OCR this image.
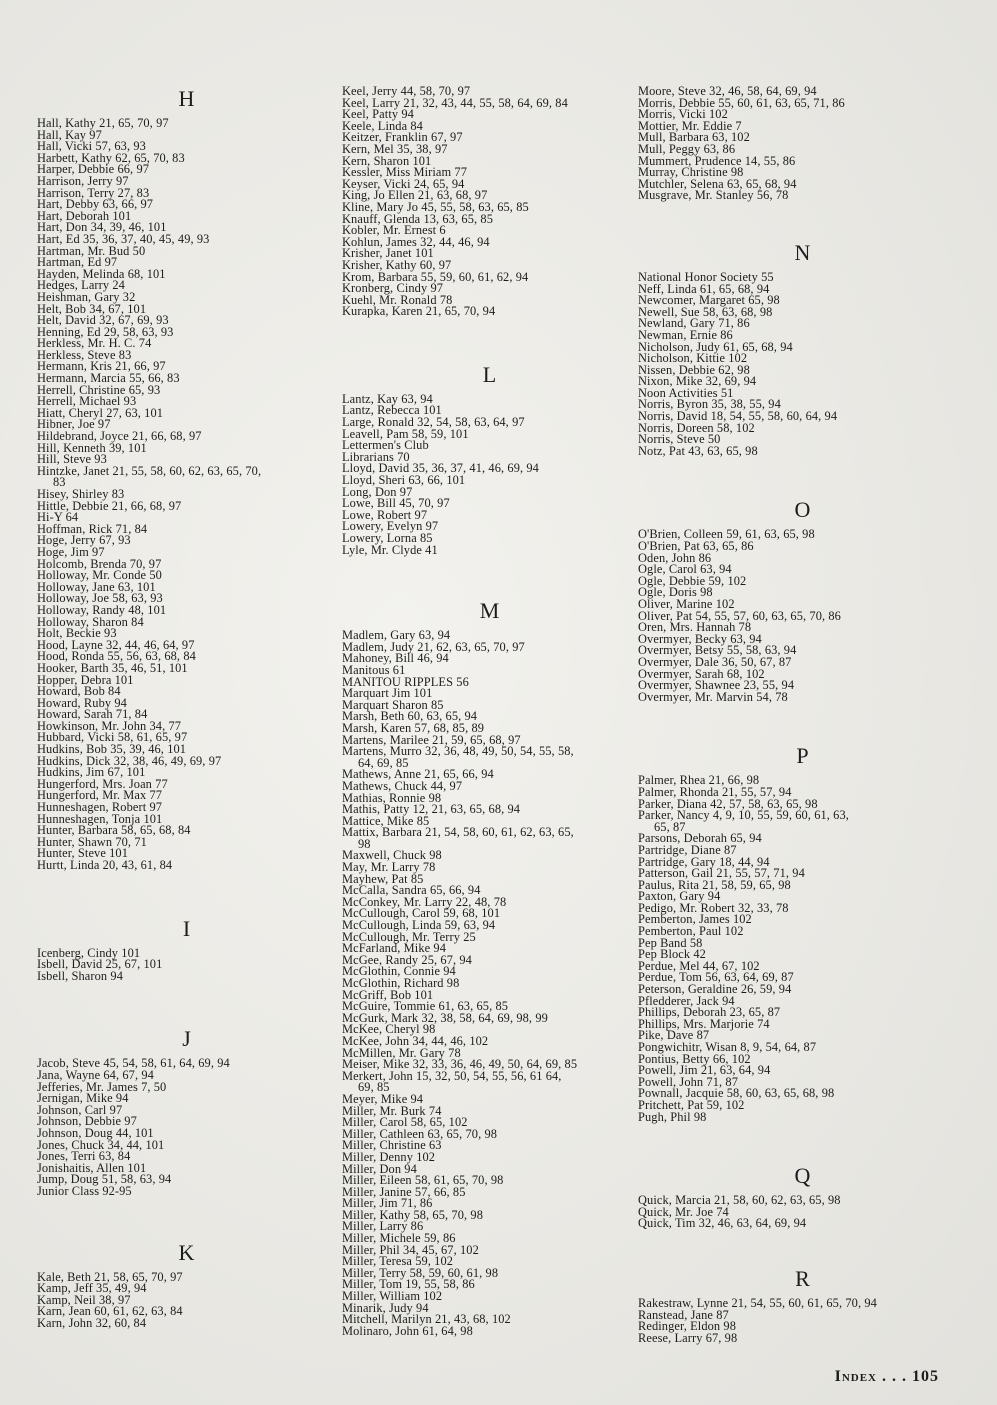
H
Hall, Kathy 21, 65, 70, 97
Hall, Kay 97
Hall, Vicki 57, 63, 93
Harbett, Kathy 62, 65, 70, 83
Harper, Debbie 66, 97
Harrison, Jerry 97
Harrison, Terry 27, 83
Hart, Debby 63, 66, 97
Hart, Deborah 101
Hart, Don 34, 39, 46, 101
Hart, Ed 35, 36, 37, 40, 45, 49, 93
Hartman, Mr. Bud 50
Hartman, Ed 97
Hayden, Melinda 68, 101
Hedges, Larry 24
Heishman, Gary 32
Helt, Bob 34, 67, 101
Helt, David 32, 67, 69, 93
Henning, Ed 29, 58, 63, 93
Herkless, Mr. H. C. 74
Herkless, Steve 83
Hermann, Kris 21, 66, 97
Hermann, Marcia 55, 66, 83
Herrell, Christine 65, 93
Herrell, Michael 93
Hiatt, Cheryl 27, 63, 101
Hibner, Joe 97
Hildebrand, Joyce 21, 66, 68, 97
Hill, Kenneth 39, 101
Hill, Steve 93
Hintzke, Janet 21, 55, 58, 60, 62, 63, 65, 70,
83
Hisey, Shirley 83
Hittle, Debbie 21, 66, 68, 97
Hi-Y 64
Hoffman, Rick 71, 84
Hoge, Jerry 67, 93
Hoge, Jim 97
Holcomb, Brenda 70, 97
Holloway, Mr. Conde 50
Holloway, Jane 63, 101
Holloway, Joe 58, 63, 93
Holloway, Randy 48, 101
Holloway, Sharon 84
Holt, Beckie 93
Hood, Layne 32, 44, 46, 64, 97
Hood, Ronda 55, 56, 63, 68, 84
Hooker, Barth 35, 46, 51, 101
Hopper, Debra 101
Howard, Bob 84
Howard, Ruby 94
Howard, Sarah 71, 84
Howkinson, Mr. John 34, 77
Hubbard, Vicki 58, 61, 65, 97
Hudkins, Bob 35, 39, 46, 101
Hudkins, Dick 32, 38, 46, 49, 69, 97
Hudkins, Jim 67, 101
Hungerford, Mrs. Joan 77
Hungerford, Mr. Max 77
Hunneshagen, Robert 97
Hunneshagen, Tonja 101
Hunter, Barbara 58, 65, 68, 84
Hunter, Shawn 70, 71
Hunter, Steve 101
Hurtt, Linda 20, 43, 61, 84
I
Icenberg, Cindy 101
Isbell, David 25, 67, 101
Isbell, Sharon 94
J
Jacob, Steve 45, 54, 58, 61, 64, 69, 94
Jana, Wayne 64, 67, 94
Jefferies, Mr. James 7, 50
Jernigan, Mike 94
Johnson, Carl 97
Johnson, Debbie 97
Johnson, Doug 44, 101
Jones, Chuck 34, 44, 101
Jones, Terri 63, 84
Jonishaitis, Allen 101
Jump, Doug 51, 58, 63, 94
Junior Class 92-95
K
Kale, Beth 21, 58, 65, 70, 97
Kamp, Jeff 35, 49, 94
Kamp, Neil 38, 97
Karn, Jean 60, 61, 62, 63, 84
Karn, John 32, 60, 84
Keel, Jerry 44, 58, 70, 97
Keel, Larry 21, 32, 43, 44, 55, 58, 64, 69, 84
Keel, Patty 94
Keele, Linda 84
Keitzer, Franklin 67, 97
Kern, Mel 35, 38, 97
Kern, Sharon 101
Kessler, Miss Miriam 77
Keyser, Vicki 24, 65, 94
King, Jo Ellen 21, 63, 68, 97
Kline, Mary Jo 45, 55, 58, 63, 65, 85
Knauff, Glenda 13, 63, 65, 85
Kobler, Mr. Ernest 6
Kohlun, James 32, 44, 46, 94
Krisher, Janet 101
Krisher, Kathy 60, 97
Krom, Barbara 55, 59, 60, 61, 62, 94
Kronberg, Cindy 97
Kuehl, Mr. Ronald 78
Kurapka, Karen 21, 65, 70, 94
L
Lantz, Kay 63, 94
Lantz, Rebecca 101
Large, Ronald 32, 54, 58, 63, 64, 97
Leavell, Pam 58, 59, 101
Lettermen's Club
Librarians 70
Lloyd, David 35, 36, 37, 41, 46, 69, 94
Lloyd, Sheri 63, 66, 101
Long, Don 97
Lowe, Bill 45, 70, 97
Lowe, Robert 97
Lowery, Evelyn 97
Lowery, Lorna 85
Lyle, Mr. Clyde 41
M
Madlem, Gary 63, 94
Madlem, Judy 21, 62, 63, 65, 70, 97
Mahoney, Bill 46, 94
Manitous 61
MANITOU RIPPLES 56
Marquart Jim 101
Marquart Sharon 85
Marsh, Beth 60, 63, 65, 94
Marsh, Karen 57, 68, 85, 89
Martens, Marilee 21, 59, 65, 68, 97
Martens, Murro 32, 36, 48, 49, 50, 54, 55, 58,
64, 69, 85
Mathews, Anne 21, 65, 66, 94
Mathews, Chuck 44, 97
Mathias, Ronnie 98
Mathis, Patty 12, 21, 63, 65, 68, 94
Mattice, Mike 85
Mattix, Barbara 21, 54, 58, 60, 61, 62, 63, 65,
98
Maxwell, Chuck 98
May, Mr. Larry 78
Mayhew, Pat 85
McCalla, Sandra 65, 66, 94
McConkey, Mr. Larry 22, 48, 78
McCullough, Carol 59, 68, 101
McCullough, Linda 59, 63, 94
McCullough, Mr. Terry 25
McFarland, Mike 94
McGee, Randy 25, 67, 94
McGlothin, Connie 94
McGlothin, Richard 98
McGriff, Bob 101
McGuire, Tommie 61, 63, 65, 85
McGurk, Mark 32, 38, 58, 64, 69, 98, 99
McKee, Cheryl 98
McKee, John 34, 44, 46, 102
McMillen, Mr. Gary 78
Meiser, Mike 32, 33, 36, 46, 49, 50, 64, 69, 85
Merkert, John 15, 32, 50, 54, 55, 56, 61 64,
69, 85
Meyer, Mike 94
Miller, Mr. Burk 74
Miller, Carol 58, 65, 102
Miller, Cathleen 63, 65, 70, 98
Miller, Christine 63
Miller, Denny 102
Miller, Don 94
Miller, Eileen 58, 61, 65, 70, 98
Miller, Janine 57, 66, 85
Miller, Jim 71, 86
Miller, Kathy 58, 65, 70, 98
Miller, Larry 86
Miller, Michele 59, 86
Miller, Phil 34, 45, 67, 102
Miller, Teresa 59, 102
Miller, Terry 58, 59, 60, 61, 98
Miller, Tom 19, 55, 58, 86
Miller, William 102
Minarik, Judy 94
Mitchell, Marilyn 21, 43, 68, 102
Molinaro, John 61, 64, 98
Moore, Steve 32, 46, 58, 64, 69, 94
Morris, Debbie 55, 60, 61, 63, 65, 71, 86
Morris, Vicki 102
Mottier, Mr. Eddie 7
Mull, Barbara 63, 102
Mull, Peggy 63, 86
Mummert, Prudence 14, 55, 86
Murray, Christine 98
Mutchler, Selena 63, 65, 68, 94
Musgrave, Mr. Stanley 56, 78
N
National Honor Society 55
Neff, Linda 61, 65, 68, 94
Newcomer, Margaret 65, 98
Newell, Sue 58, 63, 68, 98
Newland, Gary 71, 86
Newman, Ernie 86
Nicholson, Judy 61, 65, 68, 94
Nicholson, Kittie 102
Nissen, Debbie 62, 98
Nixon, Mike 32, 69, 94
Noon Activities 51
Norris, Byron 35, 38, 55, 94
Norris, David 18, 54, 55, 58, 60, 64, 94
Norris, Doreen 58, 102
Norris, Steve 50
Notz, Pat 43, 63, 65, 98
O
O'Brien, Colleen 59, 61, 63, 65, 98
O'Brien, Pat 63, 65, 86
Oden, John 86
Ogle, Carol 63, 94
Ogle, Debbie 59, 102
Ogle, Doris 98
Oliver, Marine 102
Oliver, Pat 54, 55, 57, 60, 63, 65, 70, 86
Oren, Mrs. Hannah 78
Overmyer, Becky 63, 94
Overmyer, Betsy 55, 58, 63, 94
Overmyer, Dale 36, 50, 67, 87
Overmyer, Sarah 68, 102
Overmyer, Shawnee 23, 55, 94
Overmyer, Mr. Marvin 54, 78
P
Palmer, Rhea 21, 66, 98
Palmer, Rhonda 21, 55, 57, 94
Parker, Diana 42, 57, 58, 63, 65, 98
Parker, Nancy 4, 9, 10, 55, 59, 60, 61, 63,
65, 87
Parsons, Deborah 65, 94
Partridge, Diane 87
Partridge, Gary 18, 44, 94
Patterson, Gail 21, 55, 57, 71, 94
Paulus, Rita 21, 58, 59, 65, 98
Paxton, Gary 94
Pedigo, Mr. Robert 32, 33, 78
Pemberton, James 102
Pemberton, Paul 102
Pep Band 58
Pep Block 42
Perdue, Mel 44, 67, 102
Perdue, Tom 56, 63, 64, 69, 87
Peterson, Geraldine 26, 59, 94
Pfledderer, Jack 94
Phillips, Deborah 23, 65, 87
Phillips, Mrs. Marjorie 74
Pike, Dave 87
Pongwichitr, Wisan 8, 9, 54, 64, 87
Pontius, Betty 66, 102
Powell, Jim 21, 63, 64, 94
Powell, John 71, 87
Pownall, Jacquie 58, 60, 63, 65, 68, 98
Pritchett, Pat 59, 102
Pugh, Phil 98
Q
Quick, Marcia 21, 58, 60, 62, 63, 65, 98
Quick, Mr. Joe 74
Quick, Tim 32, 46, 63, 64, 69, 94
R
Rakestraw, Lynne 21, 54, 55, 60, 61, 65, 70, 94
Ranstead, Jane 87
Redinger, Eldon 98
Reese, Larry 67, 98
Index . . . 105
